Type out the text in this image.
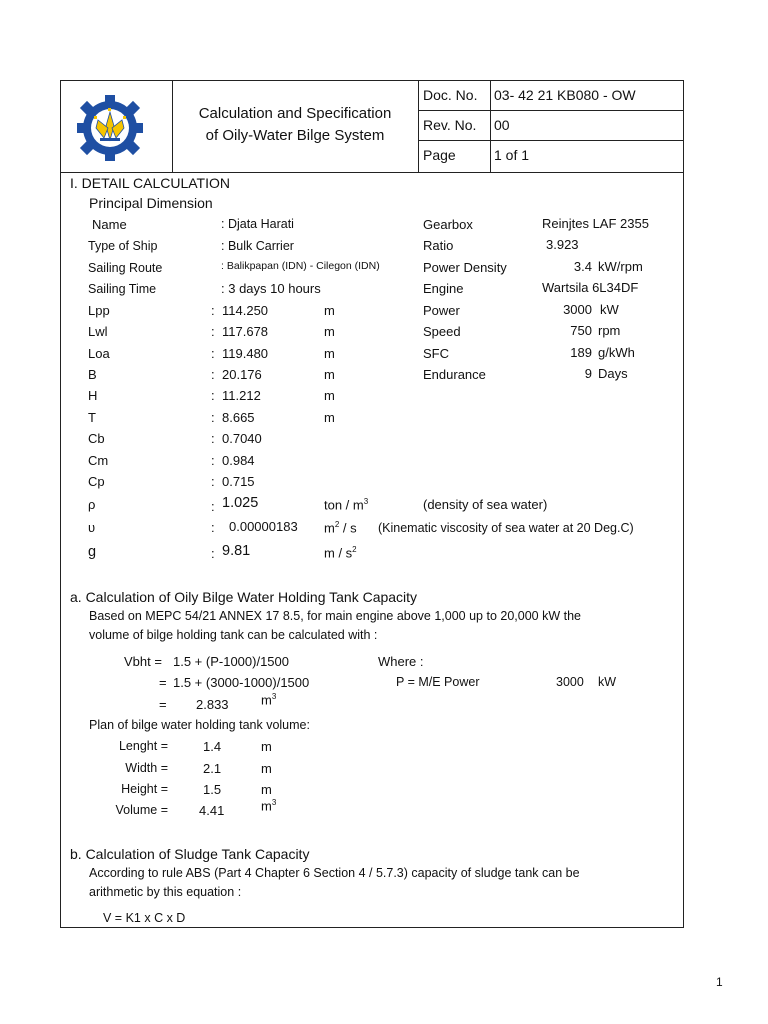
Calculation and Specification
of Oily-Water Bilge System
Doc. No. 03- 42 21 KB080 - OW
Rev. No. 00
Page	1 of 1
I. DETAIL CALCULATION
Principal Dimension
Name	: Djata Harati
Type of Ship	: Bulk Carrier
Sailing Route	: Balikpapan (IDN) - Cilegon (IDN)
Sailing Time	: 3 days 10 hours
Lpp	: 114.250	m
Lwl	: 117.678	m
Loa	: 119.480	m
B	: 20.176	m
H	: 11.212	m
T	: 8.665	m
Cb	: 0.7040
Cm	: 0.984
Cp	: 0.715
ρ	: 1.025	ton / $m^3$	(density of sea water)
υ	: 0.00000183 $m^2$ / s (Kinematic viscosity of sea water at 20 Deg.C)
g	: 9.81	m / $s^2$
Gearbox	Reinjtes LAF 2355
Ratio	3.923
Power Density	3.4 kW/rpm
Engine	Wartsila 6L34DF
Power	3000 kW
Speed	750 rpm
SFC	189 g/kWh
Endurance	9 Days
a. Calculation of Oily Bilge Water Holding Tank Capacity
Based on MEPC 54/21 ANNEX 17 8.5, for main engine above 1,000 up to 20,000 kW the
volume of bilge holding tank can be calculated with :
Vbht = 1.5 + (P-1000)/1500	Where :
= 1.5 + (3000-1000)/1500	P = M/E Power	3000 kW
= 2.833 $m^3$
Plan of bilge water holding tank volume:
Lenght =	1.4	m
Width =	2.1	m
Height =	1.5	m
Volume = 4.41	$m^3$
b. Calculation of Sludge Tank Capacity
According to rule ABS (Part 4 Chapter 6 Section 4 / 5.7.3) capacity of sludge tank can be
arithmetic by this equation :
V = K1 x C x D
1
